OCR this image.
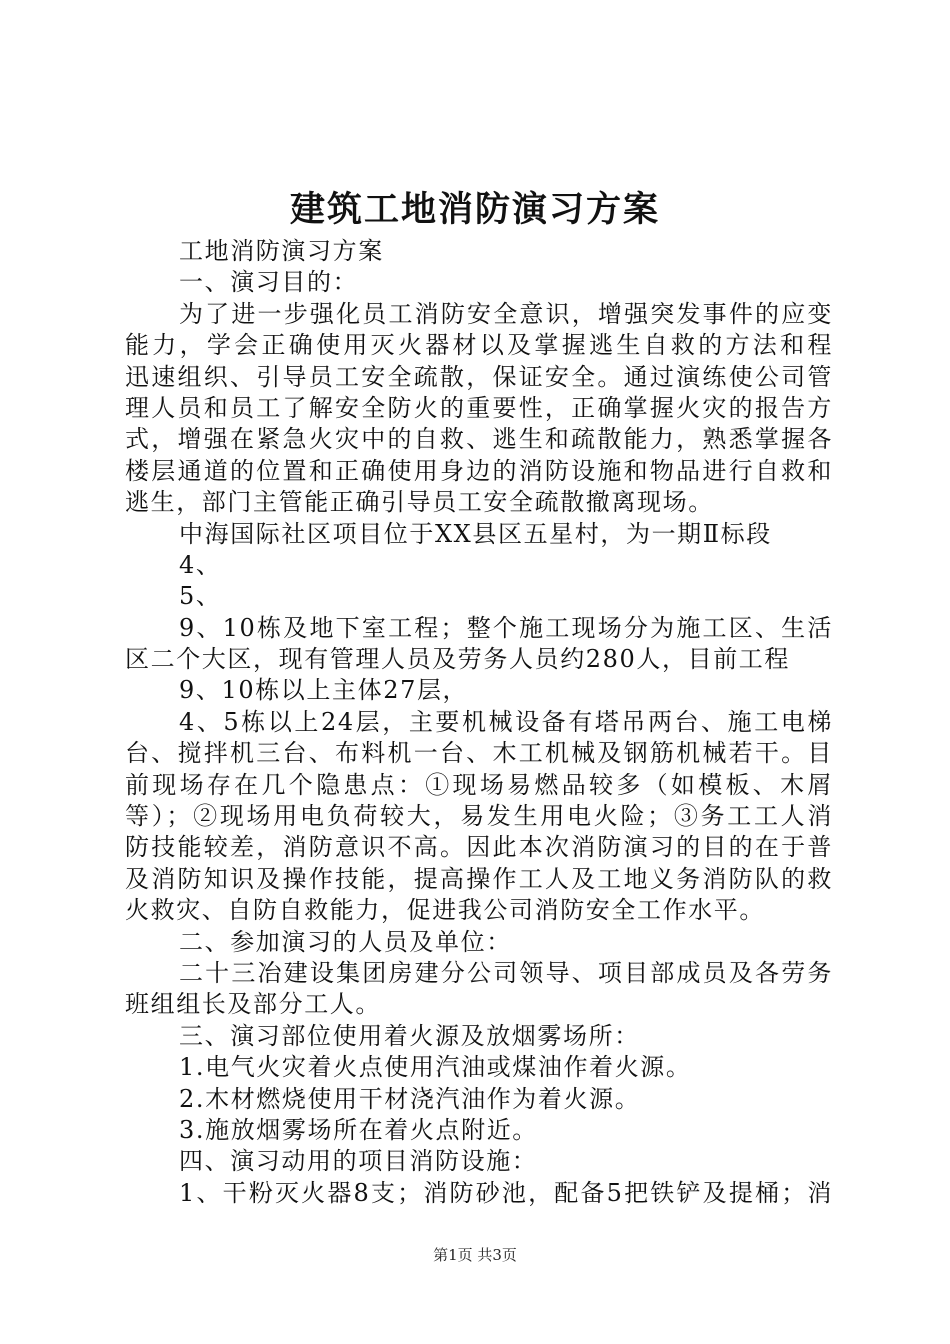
建筑工地消防演习方案
工地消防演习方案
一、演习目的：
为了进一步强化员工消防安全意识，增强突发事件的应变
能力，学会正确使用灭火器材以及掌握逃生自救的方法和程
迅速组织、引导员工安全疏散，保证安全。通过演练使公司管
理人员和员工了解安全防火的重要性，正确掌握火灾的报告方
式，增强在紧急火灾中的自救、逃生和疏散能力，熟悉掌握各
楼层通道的位置和正确使用身边的消防设施和物品进行自救和
逃生，部门主管能正确引导员工安全疏散撤离现场。
中海国际社区项目位于XX县区五星村，为一期Ⅱ标段
4、
5、
9、10栋及地下室工程；整个施工现场分为施工区、生活
区二个大区，现有管理人员及劳务人员约280人，目前工程
9、10栋以上主体27层，
4、5栋以上24层，主要机械设备有塔吊两台、施工电梯
台、搅拌机三台、布料机一台、木工机械及钢筋机械若干。目
前现场存在几个隐患点：①现场易燃品较多（如模板、木屑
等）；②现场用电负荷较大，易发生用电火险；③务工工人消
防技能较差，消防意识不高。因此本次消防演习的目的在于普
及消防知识及操作技能，提高操作工人及工地义务消防队的救
火救灾、自防自救能力，促进我公司消防安全工作水平。
二、参加演习的人员及单位：
二十三冶建设集团房建分公司领导、项目部成员及各劳务
班组组长及部分工人。
三、演习部位使用着火源及放烟雾场所：
1.电气火灾着火点使用汽油或煤油作着火源。
2.木材燃烧使用干材浇汽油作为着火源。
3.施放烟雾场所在着火点附近。
四、演习动用的项目消防设施：
1、干粉灭火器8支；消防砂池，配备5把铁铲及提桶；消
第1页 共3页
